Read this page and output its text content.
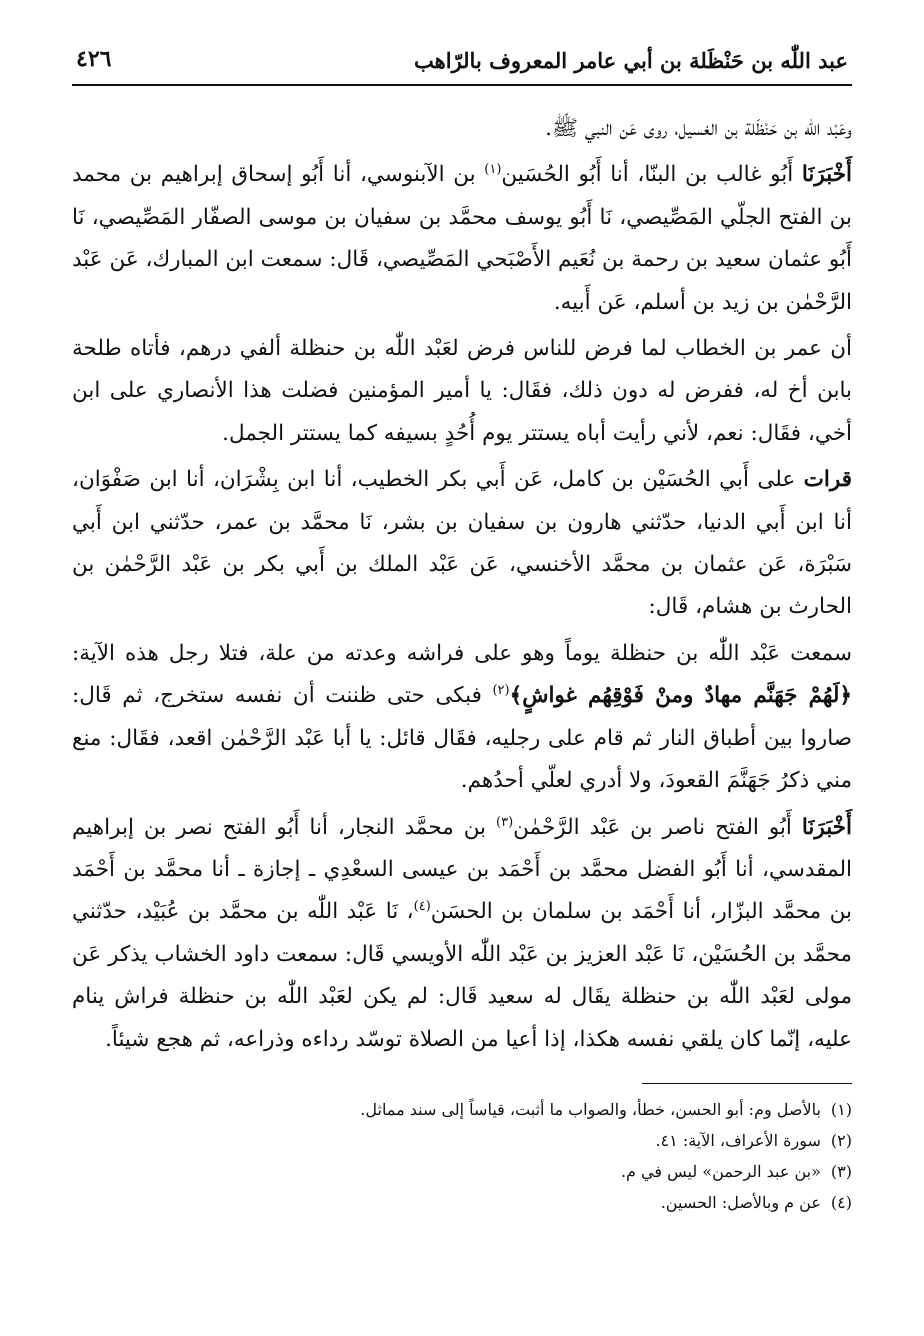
عبد اللّٰه بن حَنْظَلة بن أبي عامر المعروف بالرّاهب
٤٢٦

وعَبْد اللّٰه بن حَنْظَلة بن الغسيل، روى عَن النبي ﷺ.

أَخْبَرَنَا أَبُو غالب بن البنّا، أنا أَبُو الحُسَين$^{(١)}$ بن الآبنوسي، أنا أَبُو إسحاق إبراهيم بن محمد بن الفتح الجلّي المَصِّيصي، نَا أَبُو يوسف محمَّد بن سفيان بن موسى الصفّار المَصِّيصي، نَا أَبُو عثمان سعيد بن رحمة بن نُعَيم الأَصْبَحي المَصِّيصي، قَال: سمعت ابن المبارك، عَن عَبْد الرَّحْمٰن بن زيد بن أسلم، عَن أَبيه.

أن عمر بن الخطاب لما فرض للناس فرض لعَبْد اللّٰه بن حنظلة ألفي درهم، فأتاه طلحة بابن أخ له، ففرض له دون ذلك، فقَال: يا أمير المؤمنين فضلت هذا الأنصاري على ابن أخي، فقَال: نعم، لأني رأيت أباه يستتر يوم أُحُدٍ بسيفه كما يستتر الجمل.

قرات على أَبي الحُسَيْن بن كامل، عَن أَبي بكر الخطيب، أنا ابن بِشْرَان، أنا ابن صَفْوَان، أنا ابن أَبي الدنيا، حدّثني هارون بن سفيان بن بشر، نَا محمَّد بن عمر، حدّثني ابن أَبي سَبْرَة، عَن عثمان بن محمَّد الأخنسي، عَن عَبْد الملك بن أَبي بكر بن عَبْد الرَّحْمٰن بن الحارث بن هشام، قَال:

سمعت عَبْد اللّٰه بن حنظلة يوماً وهو على فراشه وعدته من علة، فتلا رجل هذه الآية: ﴿لَهُمْ جَهَنَّم مهادٌ ومنْ فَوْقِهُم غواشٍ﴾$^{(٢)}$ فبكى حتى ظننت أن نفسه ستخرج، ثم قَال: صاروا بين أطباق النار ثم قام على رجليه، فقَال قائل: يا أبا عَبْد الرَّحْمٰن اقعد، فقَال: منع مني ذكرُ جَهَنَّمَ القعودَ، ولا أدري لعلّي أحدُهم.

أَخْبَرَنَا أَبُو الفتح ناصر بن عَبْد الرَّحْمٰن$^{(٣)}$ بن محمَّد النجار، أنا أَبُو الفتح نصر بن إبراهيم المقدسي، أنا أَبُو الفضل محمَّد بن أَحْمَد بن عيسى السعْدِي ـ إجازة ـ أنا محمَّد بن أَحْمَد بن محمَّد البزّار، أنا أَحْمَد بن سلمان بن الحسَن$^{(٤)}$، نَا عَبْد اللّٰه بن محمَّد بن عُبَيْد، حدّثني محمَّد بن الحُسَيْن، نَا عَبْد العزيز بن عَبْد اللّٰه الأويسي قَال: سمعت داود الخشاب يذكر عَن مولى لعَبْد اللّٰه بن حنظلة يقَال له سعيد قَال: لم يكن لعَبْد اللّٰه بن حنظلة فراش ينام عليه، إنّما كان يلقي نفسه هكذا، إذا أعيا من الصلاة توسّد رداءه وذراعه، ثم هجع شيئاً.

(١)
بالأصل وم: أبو الحسن، خطأ، والصواب ما أثبت، قياساً إلى سند مماثل.
(٢)
سورة الأعراف، الآية: ٤١.
(٣)
«بن عبد الرحمن» ليس في م.
(٤)
عن م وبالأصل: الحسين.
